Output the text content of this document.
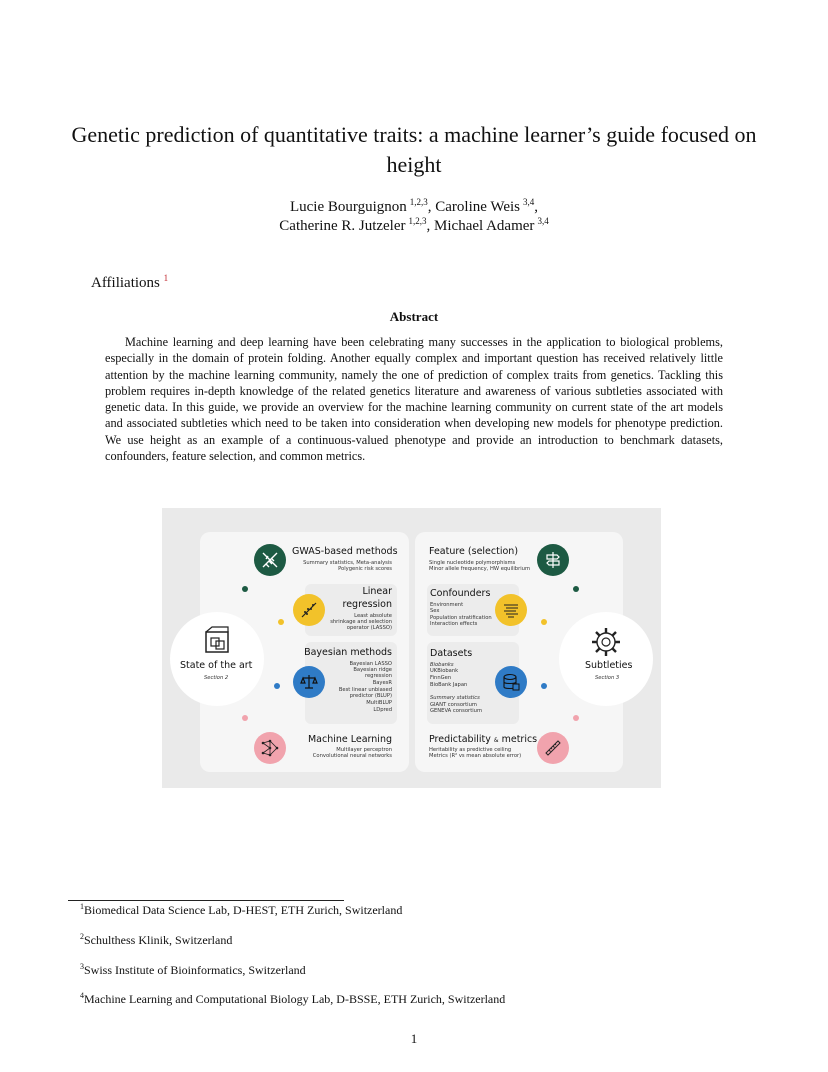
Genetic prediction of quantitative traits: a machine learner’s guide focused on height
Lucie Bourguignon  $^{1,2,3}$, Caroline Weis  $^{3,4}$,
Catherine R. Jutzeler  $^{1,2,3}$, Michael Adamer  $^{3,4}$
Affiliations $^1$
Abstract
Machine learning and deep learning have been celebrating many successes in the application to biological problems, especially in the domain of protein folding. Another equally complex and important question has received relatively little attention by the machine learning community, namely the one of prediction of complex traits from genetics. Tackling this problem requires in-depth knowledge of the related genetics literature and awareness of various subtleties associated with genetic data. In this guide, we provide an overview for the machine learning community on current state of the art models and associated subtleties which need to be taken into consideration when developing new models for phenotype prediction. We use height as an example of a continuous-valued phenotype and provide an introduction to benchmark datasets, confounders, feature selection, and common metrics.
State of the art
Section 2
Subtleties
Section 3
GWAS-based methods
Summary statistics, Meta-analysis
Polygenic risk scores
Linear
regression
Least absolute
shrinkage and selection
operator (LASSO)
Bayesian methods
Bayesian LASSO
Bayesian ridge
regression
BayesR
Best linear unbiased
predictor (BLUP)
MultiBLUP
LDpred
Machine Learning
Multilayer perceptron
Convolutional neural networks
Feature (selection)
Single nucleotide polymorphisms
Minor allele frequency, HW equilibrium
Confounders
Environment
Sex
Population stratification
Interaction effects
Datasets
Biobanks
UKBiobank
FinnGen
BioBank Japan
Summary statistics
GIANT consortium
GENEVA consortium
Predictability & metrics
Heritability as predictive ceiling
Metrics (R² vs mean absolute error)
$^1$Biomedical Data Science Lab, D-HEST, ETH Zurich, Switzerland
$^2$Schulthess Klinik, Switzerland
$^3$Swiss Institute of Bioinformatics, Switzerland
$^4$Machine Learning and Computational Biology Lab, D-BSSE, ETH Zurich, Switzerland
1
